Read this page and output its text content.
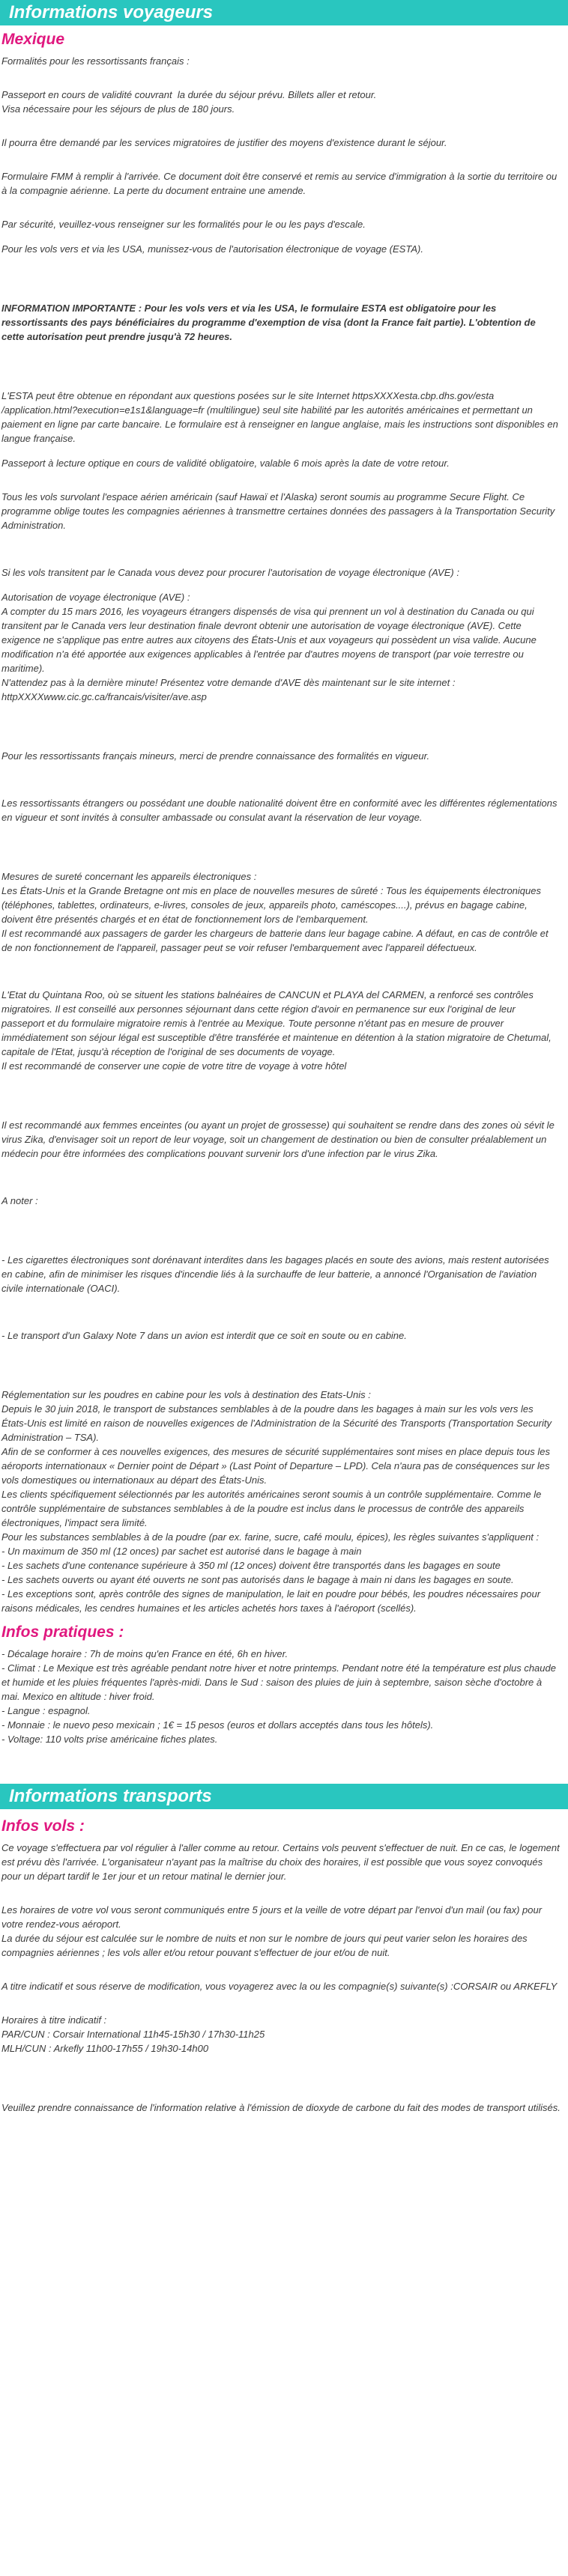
Informations voyageurs
Mexique
Formalités pour les ressortissants français :
Passeport en cours de validité couvrant  la durée du séjour prévu. Billets aller et retour.
Visa nécessaire pour les séjours de plus de 180 jours.
Il pourra être demandé par les services migratoires de justifier des moyens d'existence durant le séjour.
Formulaire FMM à remplir à l'arrivée. Ce document doit être conservé et remis au service d'immigration à la sortie du territoire ou à la compagnie aérienne. La perte du document entraine une amende.
Par sécurité, veuillez-vous renseigner sur les formalités pour le ou les pays d'escale.
Pour les vols vers et via les USA, munissez-vous de l'autorisation électronique de voyage (ESTA).
INFORMATION IMPORTANTE : Pour les vols vers et via les USA, le formulaire ESTA est obligatoire pour les ressortissants des pays bénéficiaires du programme d'exemption de visa (dont la France fait partie). L'obtention de cette autorisation peut prendre jusqu'à 72 heures.
L'ESTA peut être obtenue en répondant aux questions posées sur le site Internet httpsXXXXesta.cbp.dhs.gov/esta /application.html?execution=e1s1&language=fr (multilingue) seul site habilité par les autorités américaines et permettant un paiement en ligne par carte bancaire. Le formulaire est à renseigner en langue anglaise, mais les instructions sont disponibles en langue française.
Passeport à lecture optique en cours de validité obligatoire, valable 6 mois après la date de votre retour.
Tous les vols survolant l'espace aérien américain (sauf Hawaï et l'Alaska) seront soumis au programme Secure Flight. Ce programme oblige toutes les compagnies aériennes à transmettre certaines données des passagers à la Transportation Security Administration.
Si les vols transitent par le Canada vous devez pour procurer l'autorisation de voyage électronique (AVE) :
Autorisation de voyage électronique (AVE) :
A compter du 15 mars 2016, les voyageurs étrangers dispensés de visa qui prennent un vol à destination du Canada ou qui transitent par le Canada vers leur destination finale devront obtenir une autorisation de voyage électronique (AVE). Cette exigence ne s'applique pas entre autres aux citoyens des États-Unis et aux voyageurs qui possèdent un visa valide. Aucune modification n'a été apportée aux exigences applicables à l'entrée par d'autres moyens de transport (par voie terrestre ou maritime).
N'attendez pas à la dernière minute! Présentez votre demande d'AVE dès maintenant sur le site internet :
httpXXXXwww.cic.gc.ca/francais/visiter/ave.asp
Pour les ressortissants français mineurs, merci de prendre connaissance des formalités en vigueur.
Les ressortissants étrangers ou possédant une double nationalité doivent être en conformité avec les différentes réglementations en vigueur et sont invités à consulter ambassade ou consulat avant la réservation de leur voyage.
Mesures de sureté concernant les appareils électroniques :
Les États-Unis et la Grande Bretagne ont mis en place de nouvelles mesures de sûreté : Tous les équipements électroniques (téléphones, tablettes, ordinateurs, e-livres, consoles de jeux, appareils photo, caméscopes....), prévus en bagage cabine, doivent être présentés chargés et en état de fonctionnement lors de l'embarquement.
Il est recommandé aux passagers de garder les chargeurs de batterie dans leur bagage cabine. A défaut, en cas de contrôle et de non fonctionnement de l'appareil, passager peut se voir refuser l'embarquement avec l'appareil défectueux.
L'Etat du Quintana Roo, où se situent les stations balnéaires de CANCUN et PLAYA del CARMEN, a renforcé ses contrôles migratoires. Il est conseillé aux personnes séjournant dans cette région d'avoir en permanence sur eux l'original de leur passeport et du formulaire migratoire remis à l'entrée au Mexique. Toute personne n'étant pas en mesure de prouver immédiatement son séjour légal est susceptible d'être transférée et maintenue en détention à la station migratoire de Chetumal, capitale de l'Etat, jusqu'à réception de l'original de ses documents de voyage.
Il est recommandé de conserver une copie de votre titre de voyage à votre hôtel
Il est recommandé aux femmes enceintes (ou ayant un projet de grossesse) qui souhaitent se rendre dans des zones où sévit le virus Zika, d'envisager soit un report de leur voyage, soit un changement de destination ou bien de consulter préalablement un médecin pour être informées des complications pouvant survenir lors d'une infection par le virus Zika.
A noter :
- Les cigarettes électroniques sont dorénavant interdites dans les bagages placés en soute des avions, mais restent autorisées en cabine, afin de minimiser les risques d'incendie liés à la surchauffe de leur batterie, a annoncé l'Organisation de l'aviation civile internationale (OACI).
- Le transport d'un Galaxy Note 7 dans un avion est interdit que ce soit en soute ou en cabine.
Réglementation sur les poudres en cabine pour les vols à destination des Etats-Unis :
Depuis le 30 juin 2018, le transport de substances semblables à de la poudre dans les bagages à main sur les vols vers les États-Unis est limité en raison de nouvelles exigences de l'Administration de la Sécurité des Transports (Transportation Security Administration – TSA).
Afin de se conformer à ces nouvelles exigences, des mesures de sécurité supplémentaires sont mises en place depuis tous les aéroports internationaux « Dernier point de Départ » (Last Point of Departure – LPD). Cela n'aura pas de conséquences sur les vols domestiques ou internationaux au départ des États-Unis.
Les clients spécifiquement sélectionnés par les autorités américaines seront soumis à un contrôle supplémentaire. Comme le contrôle supplémentaire de substances semblables à de la poudre est inclus dans le processus de contrôle des appareils électroniques, l'impact sera limité.
Pour les substances semblables à de la poudre (par ex. farine, sucre, café moulu, épices), les règles suivantes s'appliquent :
- Un maximum de 350 ml (12 onces) par sachet est autorisé dans le bagage à main
- Les sachets d'une contenance supérieure à 350 ml (12 onces) doivent être transportés dans les bagages en soute
- Les sachets ouverts ou ayant été ouverts ne sont pas autorisés dans le bagage à main ni dans les bagages en soute.
- Les exceptions sont, après contrôle des signes de manipulation, le lait en poudre pour bébés, les poudres nécessaires pour raisons médicales, les cendres humaines et les articles achetés hors taxes à l'aéroport (scellés).
Infos pratiques :
- Décalage horaire : 7h de moins qu'en France en été, 6h en hiver.
- Climat : Le Mexique est très agréable pendant notre hiver et notre printemps. Pendant notre été la température est plus chaude et humide et les pluies fréquentes l'après-midi. Dans le Sud : saison des pluies de juin à septembre, saison sèche d'octobre à mai. Mexico en altitude : hiver froid.
- Langue : espagnol.
- Monnaie : le nuevo peso mexicain ; 1€ = 15 pesos (euros et dollars acceptés dans tous les hôtels).
- Voltage: 110 volts prise américaine fiches plates.
Informations transports
Infos vols :
Ce voyage s'effectuera par vol régulier à l'aller comme au retour. Certains vols peuvent s'effectuer de nuit. En ce cas, le logement est prévu dès l'arrivée. L'organisateur n'ayant pas la maîtrise du choix des horaires, il est possible que vous soyez convoqués pour un départ tardif le 1er jour et un retour matinal le dernier jour.
Les horaires de votre vol vous seront communiqués entre 5 jours et la veille de votre départ par l'envoi d'un mail (ou fax) pour votre rendez-vous aéroport.
La durée du séjour est calculée sur le nombre de nuits et non sur le nombre de jours qui peut varier selon les horaires des compagnies aériennes ; les vols aller et/ou retour pouvant s'effectuer de jour et/ou de nuit.
A titre indicatif et sous réserve de modification, vous voyagerez avec la ou les compagnie(s) suivante(s) :CORSAIR ou ARKEFLY
Horaires à titre indicatif :
PAR/CUN : Corsair International 11h45-15h30 / 17h30-11h25
MLH/CUN : Arkefly 11h00-17h55 / 19h30-14h00
Veuillez prendre connaissance de l'information relative à l'émission de dioxyde de carbone du fait des modes de transport utilisés.
